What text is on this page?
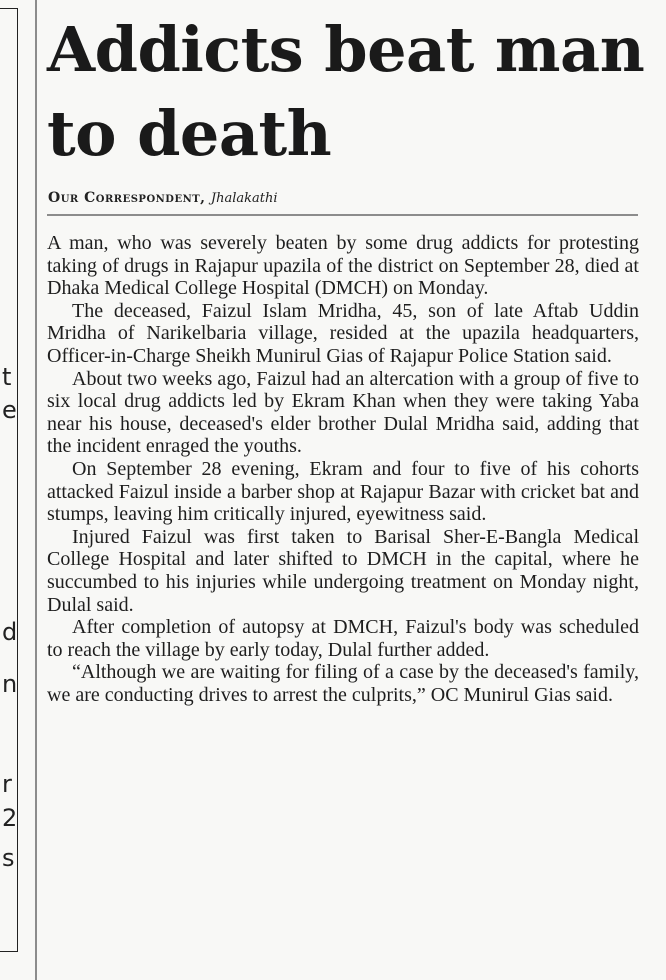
t
e
d
n
r
2
s
Addicts beat man to death
Our Correspondent, Jhalakathi

A man, who was severely beaten by some drug addicts for protesting taking of drugs in Rajapur upazila of the district on September 28, died at Dhaka Medical College Hospital (DMCH) on Monday.

The deceased, Faizul Islam Mridha, 45, son of late Aftab Uddin Mridha of Narikelbaria village, resided at the upazila headquarters, Officer-in-Charge Sheikh Munirul Gias of Rajapur Police Station said.

About two weeks ago, Faizul had an altercation with a group of five to six local drug addicts led by Ekram Khan when they were taking Yaba near his house, deceased's elder brother Dulal Mridha said, adding that the incident enraged the youths.

On September 28 evening, Ekram and four to five of his cohorts attacked Faizul inside a barber shop at Rajapur Bazar with cricket bat and stumps, leaving him critically injured, eyewitness said.

Injured Faizul was first taken to Barisal Sher-E-Bangla Medical College Hospital and later shifted to DMCH in the capital, where he succumbed to his injuries while undergoing treatment on Monday night, Dulal said.

After completion of autopsy at DMCH, Faizul's body was scheduled to reach the village by early today, Dulal further added.

“Although we are waiting for filing of a case by the deceased's family, we are conducting drives to arrest the culprits,” OC Munirul Gias said.
